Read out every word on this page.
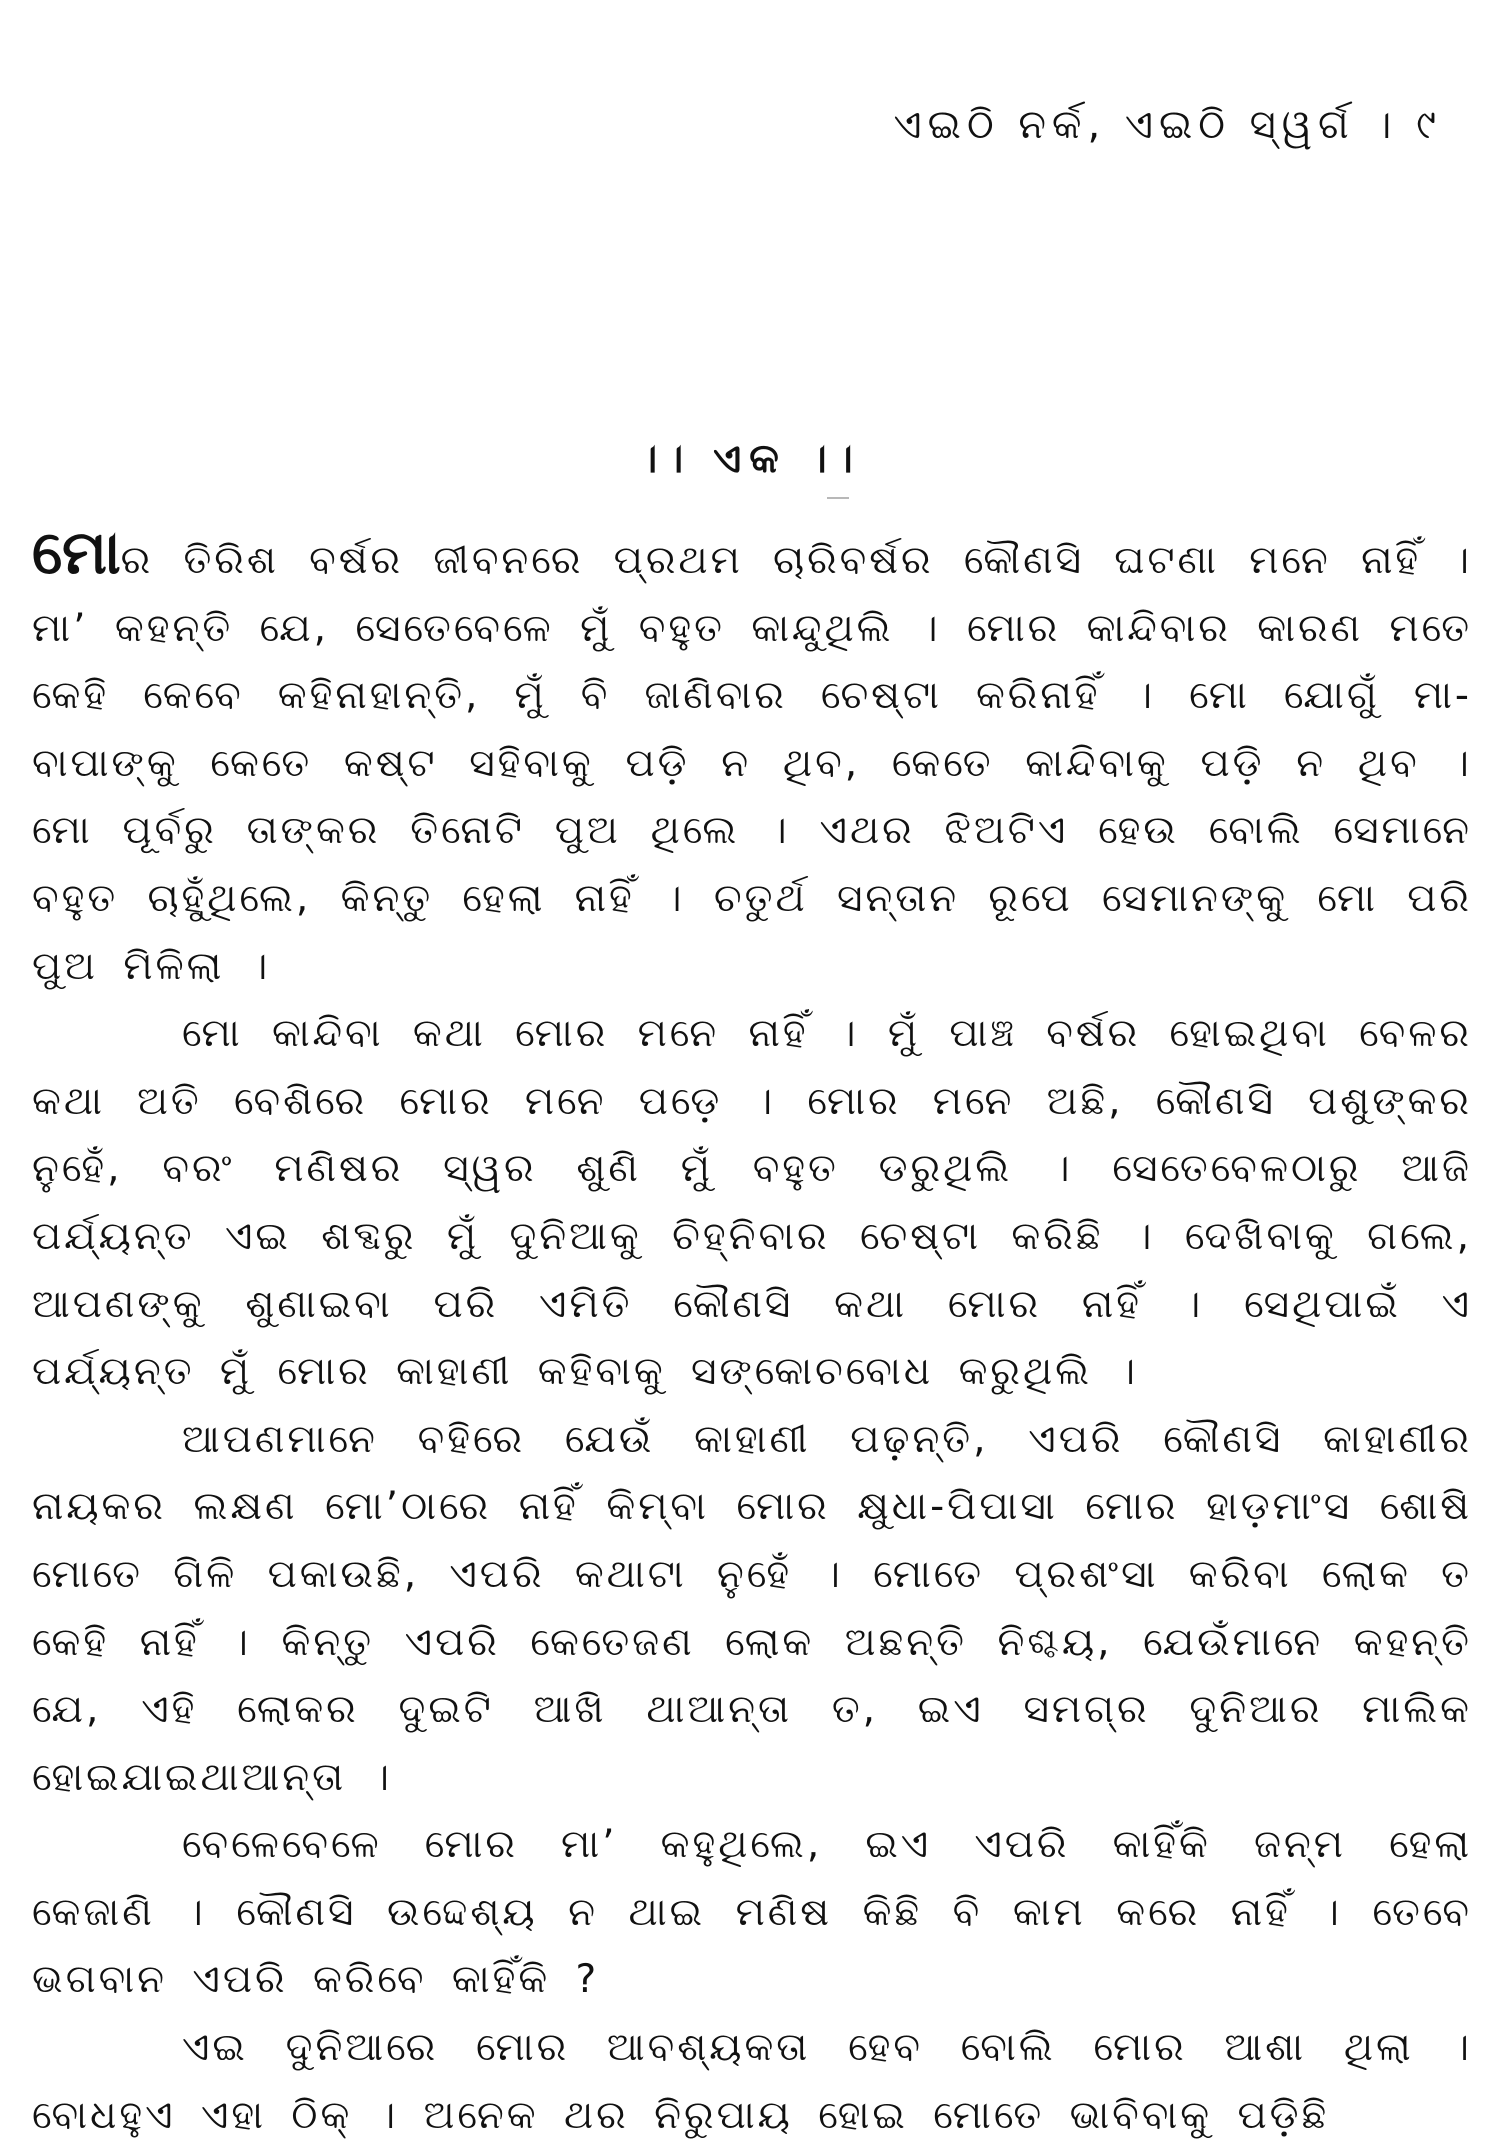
ଏଇଠି ନର୍କ, ଏଇଠି ସ୍ୱର୍ଗ । ୯
।। ଏକ ।।

ମୋର ତିରିଶ ବର୍ଷର ଜୀବନରେ ପ୍ରଥମ ଚାରିବର୍ଷର କୌଣସି ଘଟଣା ମନେ ନାହିଁ । ମା’ କହନ୍ତି ଯେ, ସେତେବେଳେ ମୁଁ ବହୁତ କାନ୍ଦୁଥିଲି । ମୋର କାନ୍ଦିବାର କାରଣ ମତେ କେହି କେବେ କହିନାହାନ୍ତି, ମୁଁ ବି ଜାଣିବାର ଚେଷ୍ଟା କରିନାହିଁ । ମୋ ଯୋଗୁଁ ମା-ବାପାଙ୍କୁ କେତେ କଷ୍ଟ ସହିବାକୁ ପଡ଼ି ନ ଥିବ, କେତେ କାନ୍ଦିବାକୁ ପଡ଼ି ନ ଥିବ । ମୋ ପୂର୍ବରୁ ତାଙ୍କର ତିନୋଟି ପୁଅ ଥିଲେ । ଏଥର ଝିଅଟିଏ ହେଉ ବୋଲି ସେମାନେ ବହୁତ ଚାହୁଁଥିଲେ, କିନ୍ତୁ ହେଲା ନାହିଁ । ଚତୁର୍ଥ ସନ୍ତାନ ରୂପେ ସେମାନଙ୍କୁ ମୋ ପରି ପୁଅ ମିଳିଲା ।

ମୋ କାନ୍ଦିବା କଥା ମୋର ମନେ ନାହିଁ । ମୁଁ ପାଞ୍ଚ ବର୍ଷର ହୋଇଥିବା ବେଳର କଥା ଅତି ବେଶିରେ ମୋର ମନେ ପଡ଼େ । ମୋର ମନେ ଅଛି, କୌଣସି ପଶୁଙ୍କର ନୁହେଁ, ବରଂ ମଣିଷର ସ୍ୱର ଶୁଣି ମୁଁ ବହୁତ ଡରୁଥିଲି । ସେତେବେଳଠାରୁ ଆଜି ପର୍ଯ୍ୟନ୍ତ ଏଇ ଶବ୍ଦରୁ ମୁଁ ଦୁନିଆକୁ ଚିହ୍ନିବାର ଚେଷ୍ଟା କରିଛି । ଦେଖିବାକୁ ଗଲେ, ଆପଣଙ୍କୁ ଶୁଣାଇବା ପରି ଏମିତି କୌଣସି କଥା ମୋର ନାହିଁ । ସେଥିପାଇଁ ଏ ପର୍ଯ୍ୟନ୍ତ ମୁଁ ମୋର କାହାଣୀ କହିବାକୁ ସଙ୍କୋଚବୋଧ କରୁଥିଲି ।

ଆପଣମାନେ ବହିରେ ଯେଉଁ କାହାଣୀ ପଢ଼ନ୍ତି, ଏପରି କୌଣସି କାହାଣୀର ନାୟକର ଲକ୍ଷଣ ମୋ’ଠାରେ ନାହିଁ କିମ୍ବା ମୋର କ୍ଷୁଧା-ପିପାସା ମୋର ହାଡ଼ମାଂସ ଶୋଷି ମୋତେ ଗିଳି ପକାଉଛି, ଏପରି କଥାଟା ନୁହେଁ । ମୋତେ ପ୍ରଶଂସା କରିବା ଲୋକ ତ କେହି ନାହିଁ । କିନ୍ତୁ ଏପରି କେତେଜଣ ଲୋକ ଅଛନ୍ତି ନିଶ୍ଚୟ, ଯେଉଁମାନେ କହନ୍ତି ଯେ, ଏହି ଲୋକର ଦୁଇଟି ଆଖି ଥାଆନ୍ତା ତ, ଇଏ ସମଗ୍ର ଦୁନିଆର ମାଲିକ ହୋଇଯାଇଥାଆନ୍ତା ।

ବେଳେବେଳେ ମୋର ମା’ କହୁଥିଲେ, ଇଏ ଏପରି କାହିଁକି ଜନ୍ମ ହେଲା କେଜାଣି । କୌଣସି ଉଦ୍ଦେଶ୍ୟ ନ ଥାଇ ମଣିଷ କିଛି ବି କାମ କରେ ନାହିଁ । ତେବେ ଭଗବାନ ଏପରି କରିବେ କାହିଁକି ?

ଏଇ ଦୁନିଆରେ ମୋର ଆବଶ୍ୟକତା ହେବ ବୋଲି ମୋର ଆଶା ଥିଲା । ବୋଧହୁଏ ଏହା ଠିକ୍ । ଅନେକ ଥର ନିରୁପାୟ ହୋଇ ମୋତେ ଭାବିବାକୁ ପଡ଼ିଛି
